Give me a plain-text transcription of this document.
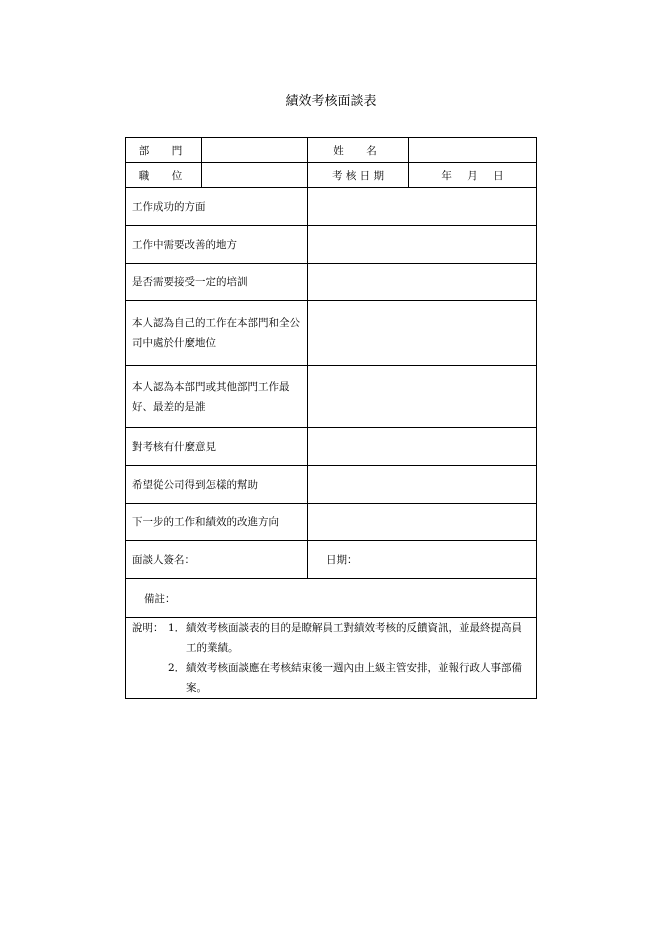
績效考核面談表
部　門		姓　名	
職　位		考 核 日 期	年 月 日
工作成功的方面			
工作中需要改善的地方			
是否需要接受一定的培訓			
本人認為自己的工作在本部門和全公司中處於什麼地位			
本人認為本部門或其他部門工作最好、最差的是誰			
對考核有什麼意見			
希望從公司得到怎樣的幫助			
下一步的工作和績效的改進方向			
面談人簽名：		日期：	
備註：			

說明： 1． 績效考核面談表的目的是瞭解員工對績效考核的反饋資訊，並最終提高員工的業績。
2． 績效考核面談應在考核結束後一週內由上級主管安排，並報行政人事部備案。			
